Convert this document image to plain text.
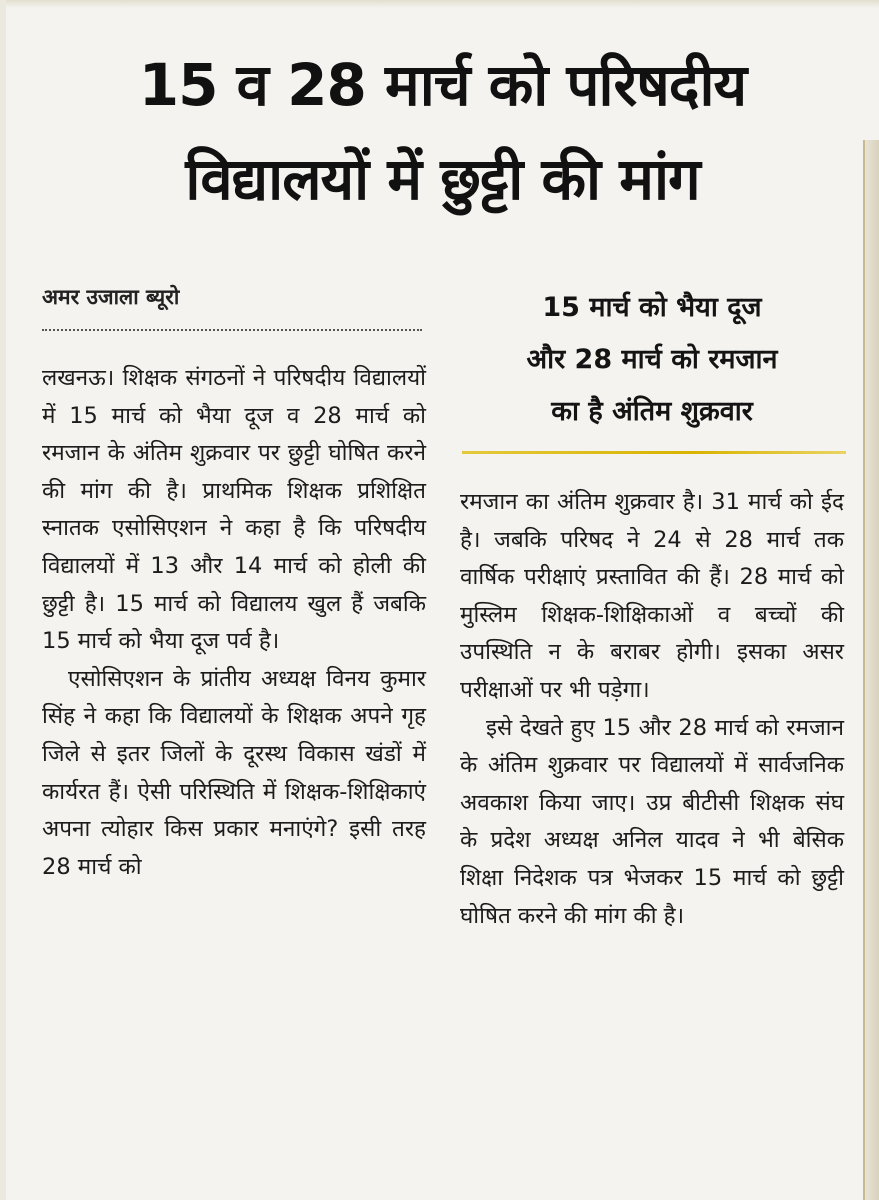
15 व 28 मार्च को परिषदीय
विद्यालयों में छुट्टी की मांग
अमर उजाला ब्यूरो	15 मार्च को भैया दूज
और 28 मार्च को रमजान
का है अंतिम शुक्रवार

लखनऊ। शिक्षक संगठनों ने परिषदीय विद्यालयों में 15 मार्च को भैया दूज व 28 मार्च को रमजान के अंतिम शुक्रवार पर छुट्टी घोषित करने की मांग की है। प्राथमिक शिक्षक प्रशिक्षित स्नातक एसोसिएशन ने कहा है कि परिषदीय विद्यालयों में 13 और 14 मार्च को होली की छुट्टी है। 15 मार्च को विद्यालय खुल हैं जबकि 15 मार्च को भैया दूज पर्व है।

एसोसिएशन के प्रांतीय अध्यक्ष विनय कुमार सिंह ने कहा कि विद्यालयों के शिक्षक अपने गृह जिले से इतर जिलों के दूरस्थ विकास खंडों में कार्यरत हैं। ऐसी परिस्थिति में शिक्षक-शिक्षिकाएं अपना त्योहार किस प्रकार मनाएंगे? इसी तरह 28 मार्च को

रमजान का अंतिम शुक्रवार है। 31 मार्च को ईद है। जबकि परिषद ने 24 से 28 मार्च तक वार्षिक परीक्षाएं प्रस्तावित की हैं। 28 मार्च को मुस्लिम शिक्षक-शिक्षिकाओं व बच्चों की उपस्थिति न के बराबर होगी। इसका असर परीक्षाओं पर भी पड़ेगा।

इसे देखते हुए 15 और 28 मार्च को रमजान के अंतिम शुक्रवार पर विद्यालयों में सार्वजनिक अवकाश किया जाए। उप्र बीटीसी शिक्षक संघ के प्रदेश अध्यक्ष अनिल यादव ने भी बेसिक शिक्षा निदेशक पत्र भेजकर 15 मार्च को छुट्टी घोषित करने की मांग की है।
